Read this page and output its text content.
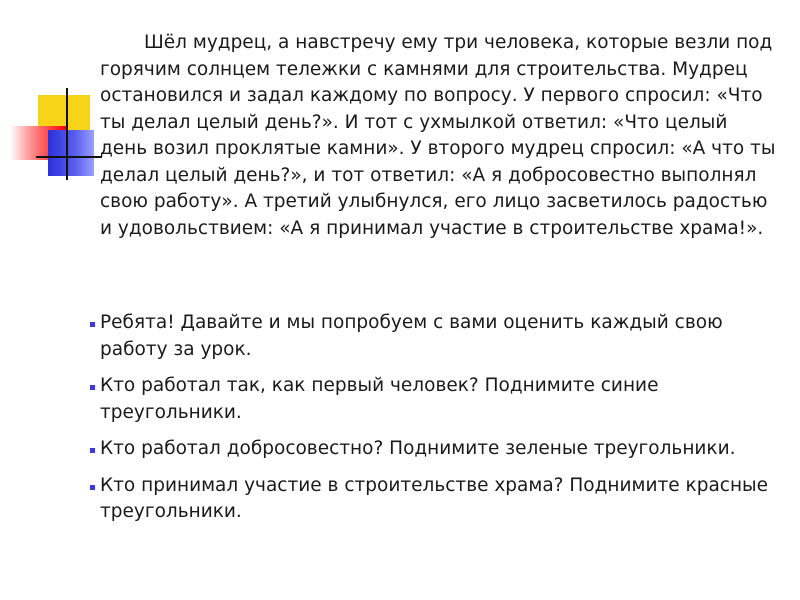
Шёл мудрец, а навстречу ему три человека, которые везли под горячим солнцем тележки с камнями для строительства. Мудрец остановился и задал каждому по вопросу. У первого спросил: «Что ты делал целый день?». И тот с ухмылкой ответил: «Что целый день возил проклятые камни». У второго мудрец спросил: «А что ты делал целый день?», и тот ответил: «А я добросовестно выполнял свою работу». А третий улыбнулся, его лицо засветилось радостью и удовольствием: «А я принимал участие в строительстве храма!».

Ребята! Давайте и мы попробуем с вами оценить каждый свою работу за урок.
Кто работал так, как первый человек? Поднимите синие треугольники.
Кто работал добросовестно? Поднимите зеленые треугольники.
Кто принимал участие в строительстве храма? Поднимите красные треугольники.
